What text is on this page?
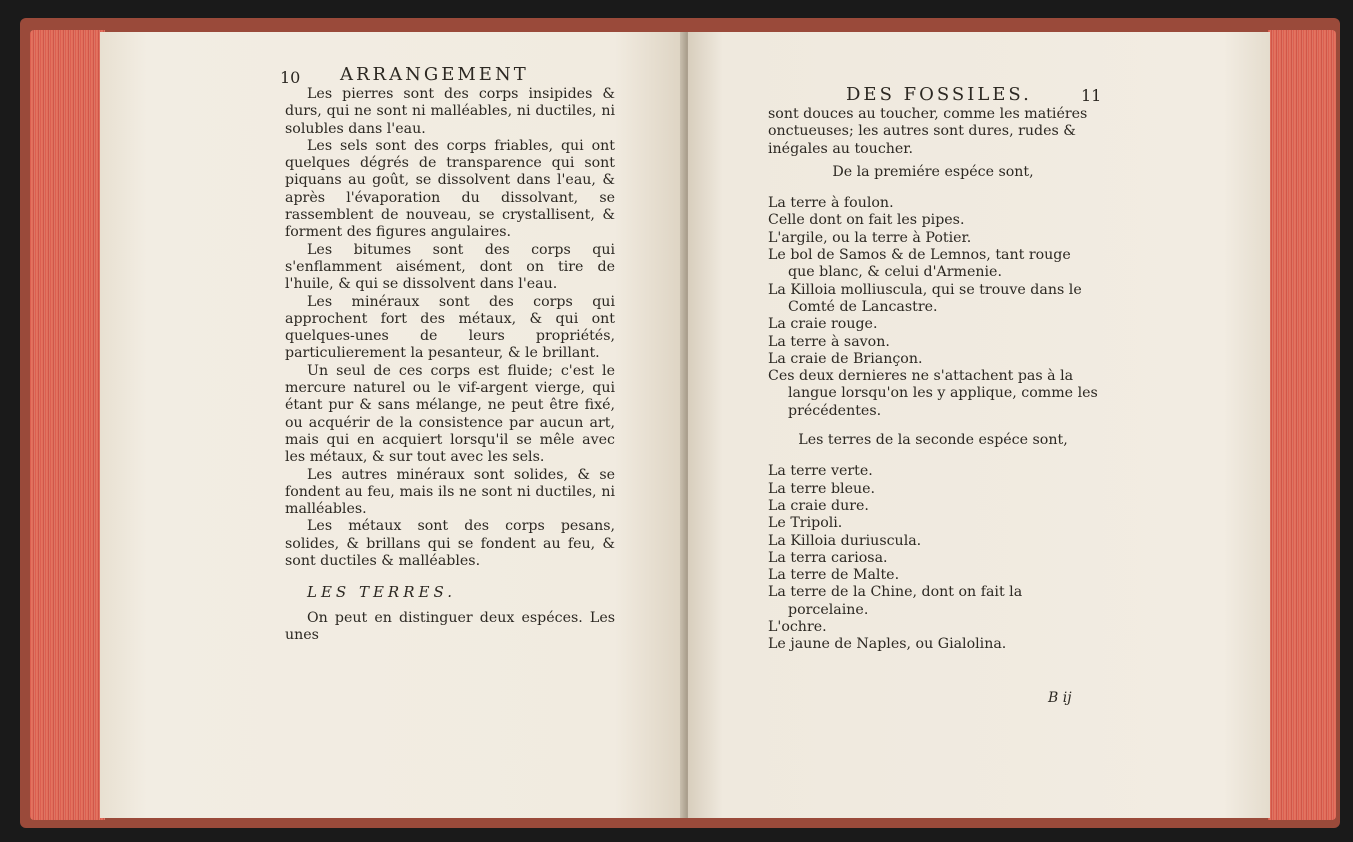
10 ARRANGEMENT

Les pierres sont des corps insipides & durs, qui ne sont ni malléables, ni ductiles, ni solubles dans l'eau.

Les sels sont des corps friables, qui ont quelques dégrés de transparence qui sont piquans au goût, se dissolvent dans l'eau, & après l'évaporation du dissolvant, se rassemblent de nouveau, se crystallisent, & forment des figures angulaires.

Les bitumes sont des corps qui s'enflamment aisément, dont on tire de l'huile, & qui se dissolvent dans l'eau.

Les minéraux sont des corps qui approchent fort des métaux, & qui ont quelques-unes de leurs propriétés, particulierement la pesanteur, & le brillant.

Un seul de ces corps est fluide; c'est le mercure naturel ou le vif-argent vierge, qui étant pur & sans mélange, ne peut être fixé, ou acquérir de la consistence par aucun art, mais qui en acquiert lorsqu'il se mêle avec les métaux, & sur tout avec les sels.

Les autres minéraux sont solides, & se fondent au feu, mais ils ne sont ni ductiles, ni malléables.

Les métaux sont des corps pesans, solides, & brillans qui se fondent au feu, & sont ductiles & malléables.

LES TERRES.

On peut en distinguer deux espéces. Les unes

DES FOSSILES.	11

sont douces au toucher, comme les matiéres onctueuses; les autres sont dures, rudes & inégales au toucher.

De la premiére espéce sont,

La terre à foulon.

Celle dont on fait les pipes.

L'argile, ou la terre à Potier.

Le bol de Samos & de Lemnos, tant rouge que blanc, & celui d'Armenie.

La Killoia molliuscula, qui se trouve dans le Comté de Lancastre.

La craie rouge.

La terre à savon.

La craie de Briançon.

Ces deux dernieres ne s'attachent pas à la langue lorsqu'on les y applique, comme les précédentes.

Les terres de la seconde espéce sont,

La terre verte.

La terre bleue.

La craie dure.

Le Tripoli.

La Killoia duriuscula.

La terra cariosa.

La terre de Malte.

La terre de la Chine, dont on fait la porcelaine.

L'ochre.

Le jaune de Naples, ou Gialolina.

B ij
